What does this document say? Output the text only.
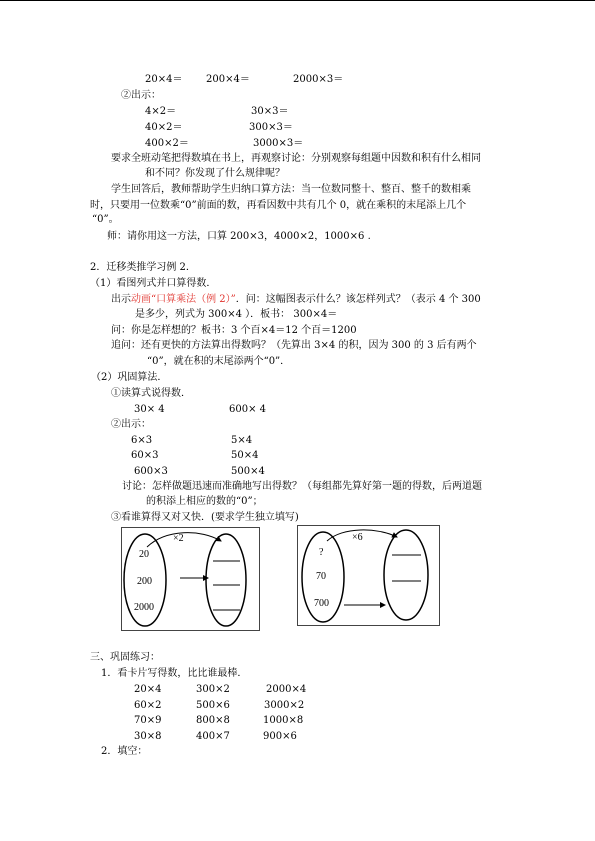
20×4＝ 200×4＝	2000×3＝
②出示：
4×2＝	30×3＝
40×2＝	300×3＝
400×2＝	3000×3＝
要求全班动笔把得数填在书上，再观察讨论：分别观察每组题中因数和积有什么相同
和不同？你发现了什么规律呢？
学生回答后，教师帮助学生归纳口算方法：当一位数同整十、整百、整千的数相乘
时，只要用一位数乘“0”前面的数，再看因数中共有几个 0，就在乘积的末尾添上几个
“0”。
师：请你用这一方法，口算 200×3，4000×2，1000×6 .
2．迁移类推学习例 2．
（1）看图列式并口算得数．
出示动画“口算乘法（例 2）”．问：这幅图表示什么？该怎样列式？（表示 4 个 300
是多少，列式为 300×4 ）．板书： 300×4＝
问：你是怎样想的？板书：3 个百×4＝12 个百＝1200
追问：还有更快的方法算出得数吗？（先算出 3×4 的积，因为 300 的 3 后有两个
“0”，就在积的末尾添两个“0”．
（2）巩固算法．
①读算式说得数．
30× 4	600× 4
②出示：
6×3	5×4
60×3	50×4
600×3	500×4
讨论：怎样做题迅速而准确地写出得数？（每组都先算好第一题的得数，后两道题
的积添上相应的数的“0”；
③看谁算得又对又快．(要求学生独立填写)
×2
20
200
2000
×6
?
70
700
三、巩固练习：
1．看卡片写得数，比比谁最棒．
20×4	300×2	2000×4
60×2	500×6	3000×2
70×9	800×8	1000×8
30×8	400×7	900×6
2．填空：
